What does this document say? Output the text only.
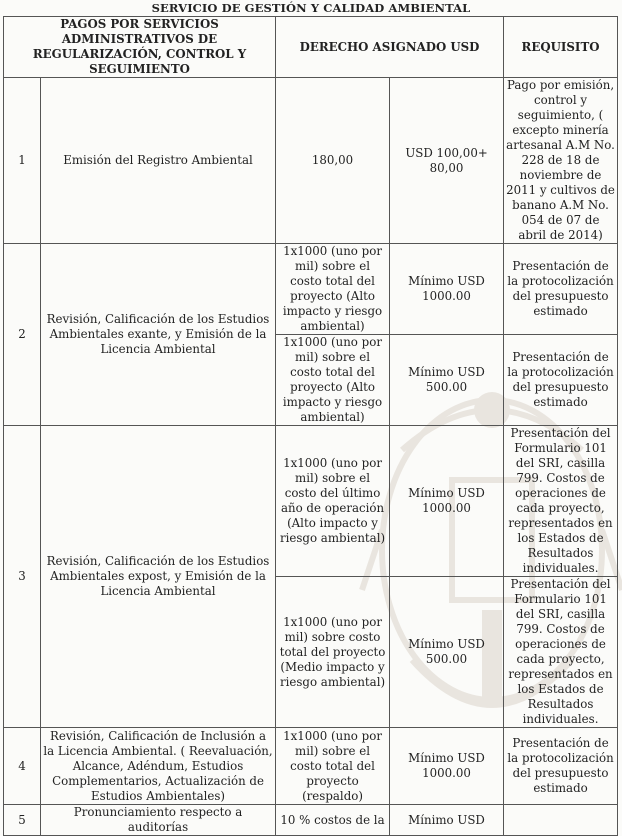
SERVICIO DE GESTIÓN Y CALIDAD AMBIENTAL
PAGOS POR SERVICIOS ADMINISTRATIVOS DE REGULARIZACIÓN, CONTROL Y SEGUIMIENTO		DERECHO ASIGNADO USD		REQUISITO
1	Emisión del Registro Ambiental	180,00	USD 100,00+ 80,00	Pago por emisión, control y seguimiento, ( excepto minería artesanal A.M No. 228 de 18 de noviembre de 2011 y cultivos de banano A.M No. 054 de 07 de abril de 2014)
2	Revisión, Calificación de los Estudios Ambientales exante, y Emisión de la Licencia Ambiental	1x1000 (uno por mil) sobre el costo total del proyecto (Alto impacto y riesgo ambiental)	Mínimo USD 1000.00	Presentación de la protocolización del presupuesto estimado
		1x1000 (uno por mil) sobre el costo total del proyecto (Alto impacto y riesgo ambiental)	Mínimo USD 500.00	Presentación de la protocolización del presupuesto estimado
3	Revisión, Calificación de los Estudios Ambientales expost, y Emisión de la Licencia Ambiental	1x1000 (uno por mil) sobre el costo del último año de operación (Alto impacto y riesgo ambiental)	Mínimo USD 1000.00	Presentación del Formulario 101 del SRI, casilla 799. Costos de operaciones de cada proyecto, representados en los Estados de Resultados individuales.
		1x1000 (uno por mil) sobre costo total del proyecto (Medio impacto y riesgo ambiental)	Mínimo USD 500.00	Presentación del Formulario 101 del SRI, casilla 799. Costos de operaciones de cada proyecto, representados en los Estados de Resultados individuales.
4	Revisión, Calificación de Inclusión a la Licencia Ambiental. ( Reevaluación, Alcance, Adéndum, Estudios Complementarios, Actualización de Estudios Ambientales)	1x1000 (uno por mil) sobre el costo total del proyecto (respaldo)	Mínimo USD 1000.00	Presentación de la protocolización del presupuesto estimado
5	Pronunciamiento respecto a auditorías	10 % costos de la	Mínimo USD	
